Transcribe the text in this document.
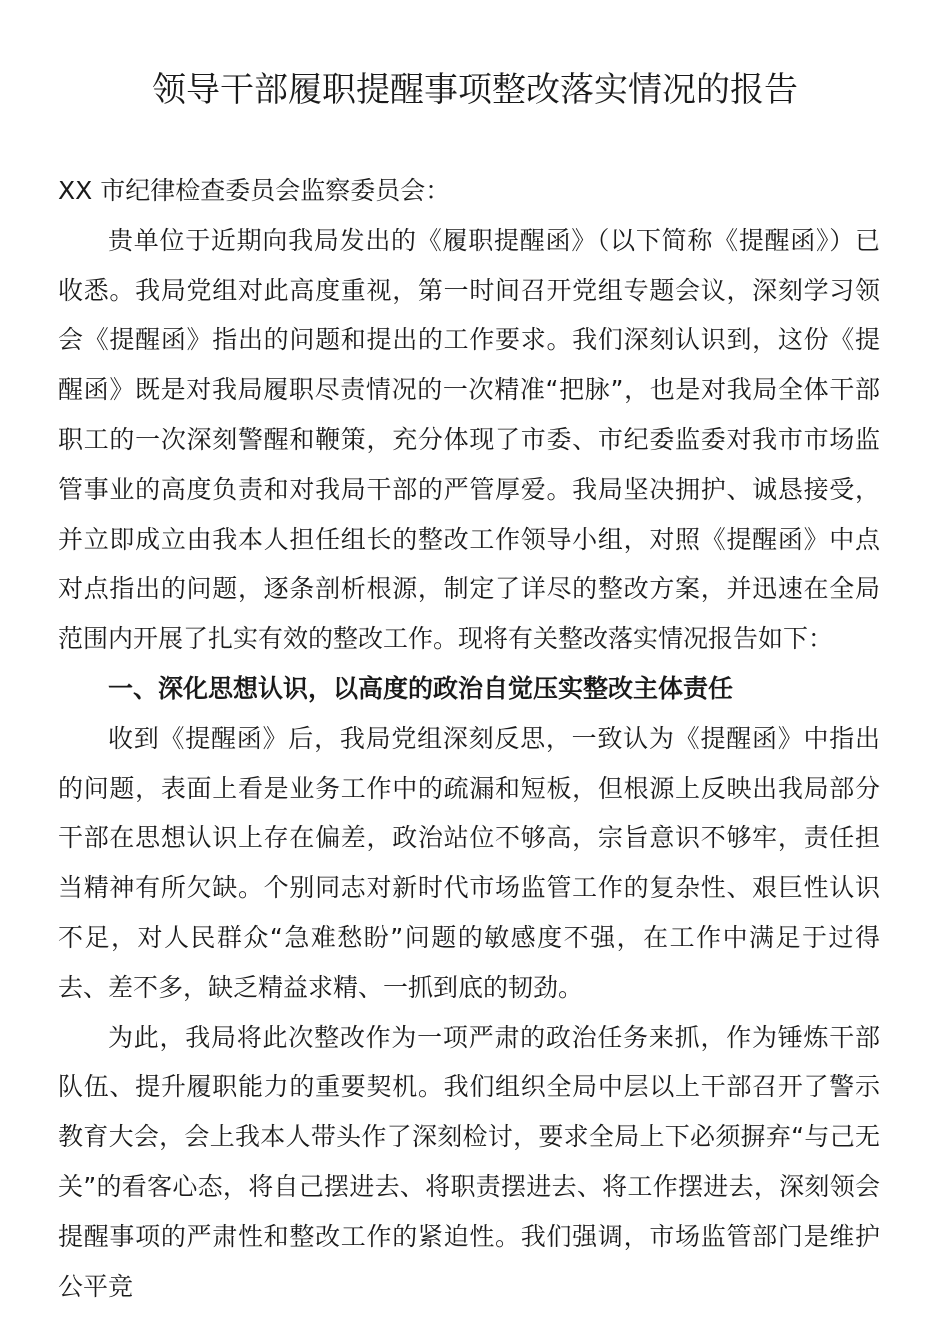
领导干部履职提醒事项整改落实情况的报告

XX 市纪律检查委员会监察委员会：

贵单位于近期向我局发出的《履职提醒函》（以下简称《提醒函》）已收悉。我局党组对此高度重视，第一时间召开党组专题会议，深刻学习领会《提醒函》指出的问题和提出的工作要求。我们深刻认识到，这份《提醒函》既是对我局履职尽责情况的一次精准“把脉”，也是对我局全体干部职工的一次深刻警醒和鞭策，充分体现了市委、市纪委监委对我市市场监管事业的高度负责和对我局干部的严管厚爱。我局坚决拥护、诚恳接受，并立即成立由我本人担任组长的整改工作领导小组，对照《提醒函》中点对点指出的问题，逐条剖析根源，制定了详尽的整改方案，并迅速在全局范围内开展了扎实有效的整改工作。现将有关整改落实情况报告如下：

一、深化思想认识，以高度的政治自觉压实整改主体责任

收到《提醒函》后，我局党组深刻反思，一致认为《提醒函》中指出的问题，表面上看是业务工作中的疏漏和短板，但根源上反映出我局部分干部在思想认识上存在偏差，政治站位不够高，宗旨意识不够牢，责任担当精神有所欠缺。个别同志对新时代市场监管工作的复杂性、艰巨性认识不足，对人民群众“急难愁盼”问题的敏感度不强，在工作中满足于过得去、差不多，缺乏精益求精、一抓到底的韧劲。

为此，我局将此次整改作为一项严肃的政治任务来抓，作为锤炼干部队伍、提升履职能力的重要契机。我们组织全局中层以上干部召开了警示教育大会，会上我本人带头作了深刻检讨，要求全局上下必须摒弃“与己无关”的看客心态，将自己摆进去、将职责摆进去、将工作摆进去，深刻领会提醒事项的严肃性和整改工作的紧迫性。我们强调，市场监管部门是维护公平竞
